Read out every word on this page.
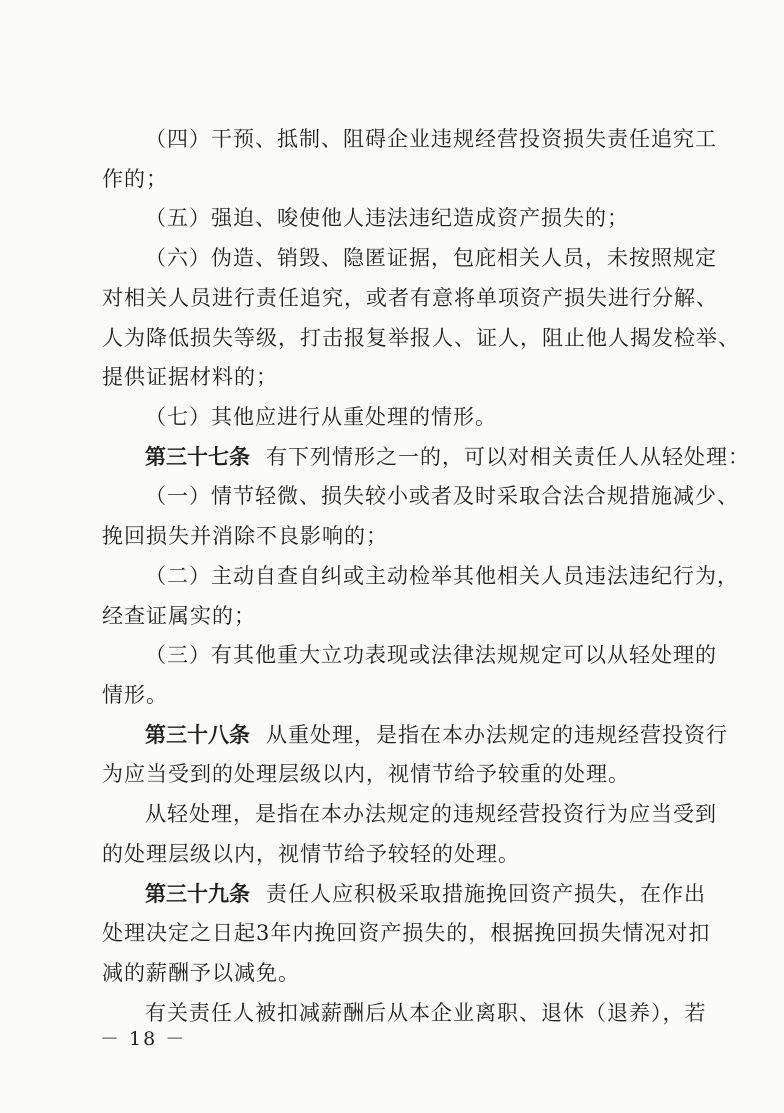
（四）干预、抵制、阻碍企业违规经营投资损失责任追究工
作的；
（五）强迫、唆使他人违法违纪造成资产损失的；
（六）伪造、销毁、隐匿证据，包庇相关人员，未按照规定
对相关人员进行责任追究，或者有意将单项资产损失进行分解、
人为降低损失等级，打击报复举报人、证人，阻止他人揭发检举、
提供证据材料的；
（七）其他应进行从重处理的情形。
第三十七条 有下列情形之一的，可以对相关责任人从轻处理：
（一）情节轻微、损失较小或者及时采取合法合规措施减少、
挽回损失并消除不良影响的；
（二）主动自查自纠或主动检举其他相关人员违法违纪行为，
经查证属实的；
（三）有其他重大立功表现或法律法规规定可以从轻处理的
情形。
第三十八条 从重处理，是指在本办法规定的违规经营投资行
为应当受到的处理层级以内，视情节给予较重的处理。
从轻处理，是指在本办法规定的违规经营投资行为应当受到
的处理层级以内，视情节给予较轻的处理。
第三十九条 责任人应积极采取措施挽回资产损失，在作出
处理决定之日起3年内挽回资产损失的，根据挽回损失情况对扣
减的薪酬予以减免。
有关责任人被扣减薪酬后从本企业离职、退休（退养），若
－ 18 －
